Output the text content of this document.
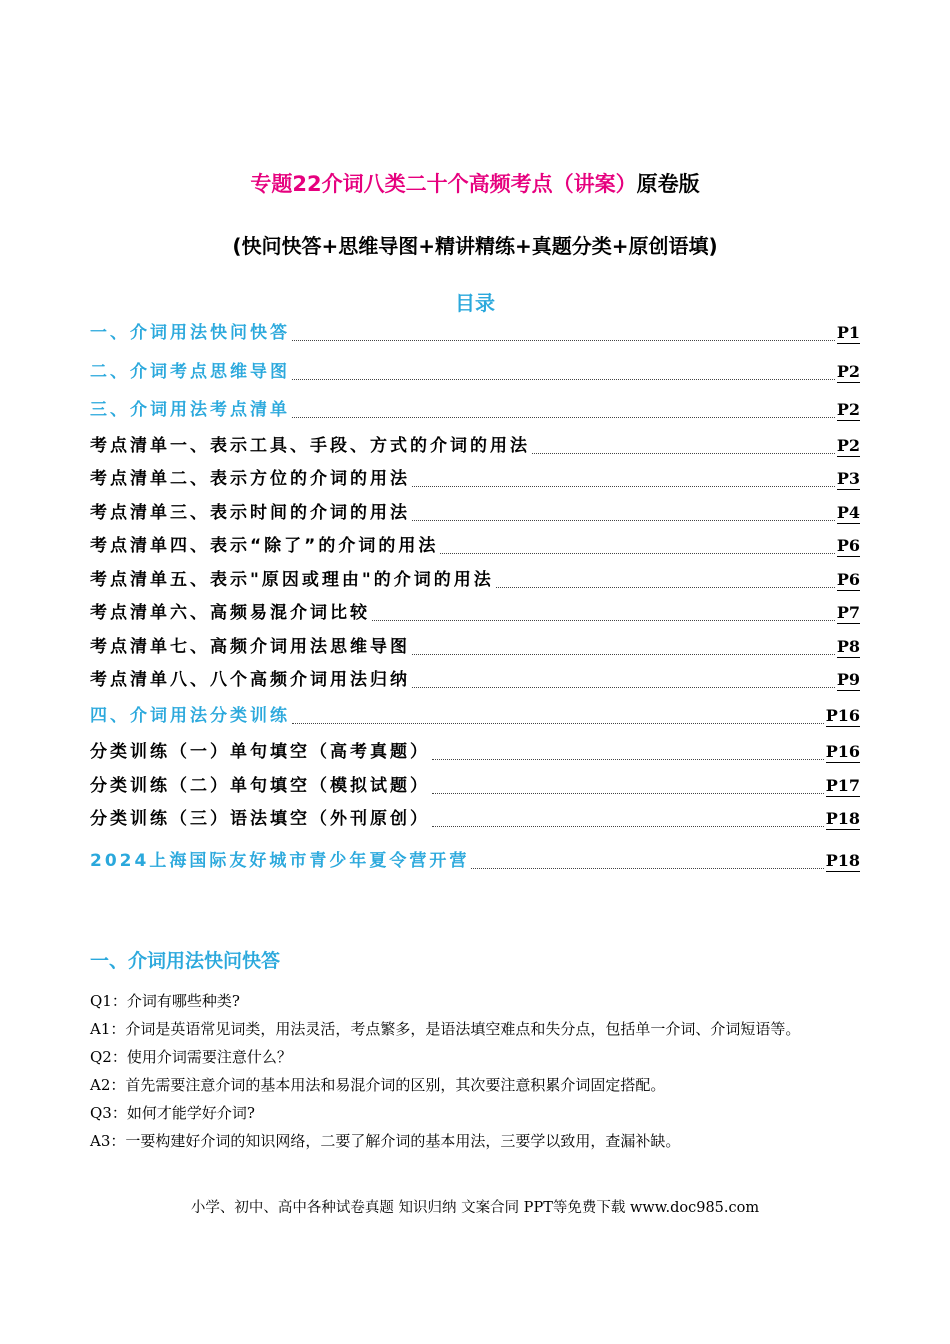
专题22介词八类二十个高频考点（讲案）原卷版
(快问快答+思维导图+精讲精练+真题分类+原创语填)
目录
一、介词用法快问快答	P1
二、介词考点思维导图	P2
三、介词用法考点清单	P2
考点清单一、表示工具、手段、方式的介词的用法	P2
考点清单二、表示方位的介词的用法	P3
考点清单三、表示时间的介词的用法	P4
考点清单四、表示“除了”的介词的用法	P6
考点清单五、表示"原因或理由"的介词的用法	P6
考点清单六、高频易混介词比较	P7
考点清单七、高频介词用法思维导图	P8
考点清单八、八个高频介词用法归纳	P9
四、介词用法分类训练	P16
分类训练（一）单句填空（高考真题）	P16
分类训练（二）单句填空（模拟试题）	P17
分类训练（三）语法填空（外刊原创）	P18
2024上海国际友好城市青少年夏令营开营	P18
一、介词用法快问快答

Q1：介词有哪些种类?

A1：介词是英语常见词类，用法灵活，考点繁多，是语法填空难点和失分点，包括单一介词、介词短语等。

Q2：使用介词需要注意什么？

A2：首先需要注意介词的基本用法和易混介词的区别，其次要注意积累介词固定搭配。

Q3：如何才能学好介词?

A3：一要构建好介词的知识网络，二要了解介词的基本用法，三要学以致用，查漏补缺。

小学、初中、高中各种试卷真题 知识归纳 文案合同 PPT等免费下载 www.doc985.com
